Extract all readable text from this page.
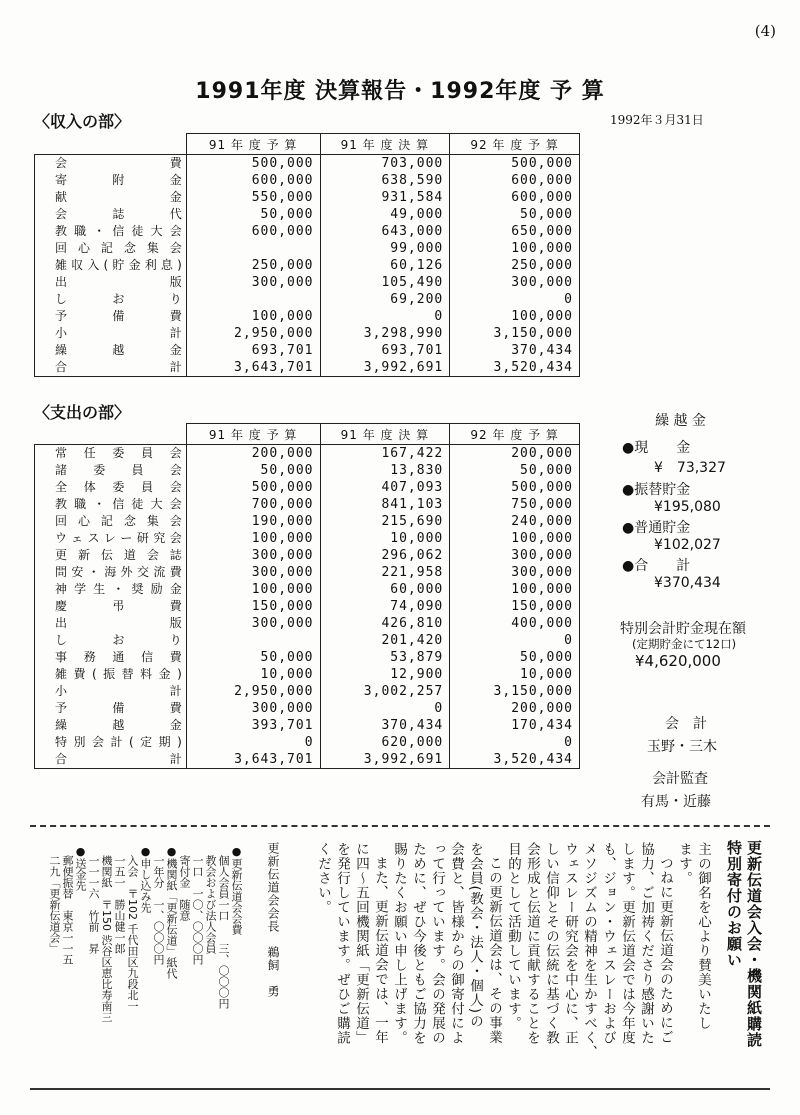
(4)
1991年度 決算報告・1992年度 予 算
〈収入の部〉	1992年３月31日
	91 年 度 予 算	91 年 度 決 算	92 年 度 予 算
会費	500,000	703,000	500,000
寄附金	600,000	638,590	600,000
献金	550,000	931,584	600,000
会誌代	50,000	49,000	50,000
教職・信徒大会	600,000	643,000	650,000
回心記念集会		99,000	100,000
雑収入(貯金利息)	250,000	60,126	250,000
出版	300,000	105,490	300,000
しおり		69,200	0
予備費	100,000	0	100,000
小計	2,950,000	3,298,990	3,150,000
繰越金	693,701	693,701	370,434
合計	3,643,701	3,992,691	3,520,434
〈支出の部〉
	91 年 度 予 算	91 年 度 決 算	92 年 度 予 算
常任委員会	200,000	167,422	200,000
諸委員会	50,000	13,830	50,000
全体委員会	500,000	407,093	500,000
教職・信徒大会	700,000	841,103	750,000
回心記念集会	190,000	215,690	240,000
ウェスレー研究会	100,000	10,000	100,000
更新伝道会誌	300,000	296,062	300,000
問安・海外交流費	300,000	221,958	300,000
神学生・奨励金	100,000	60,000	100,000
慶弔費	150,000	74,090	150,000
出版	300,000	426,810	400,000
しおり		201,420	0
事務通信費	50,000	53,879	50,000
雑費(振替料金)	10,000	12,900	10,000
小計	2,950,000	3,002,257	3,150,000
予備費	300,000	0	200,000
繰越金	393,701	370,434	170,434
特別会計(定期)	0	620,000	0
合計	3,643,701	3,992,691	3,520,434
繰 越 金
●現　　金
¥　73,327
●振替貯金
¥195,080
●普通貯金
¥102,027
●合　　計
¥370,434
特別会計貯金現在額
(定期貯金にて12口)
¥4,620,000
会　計
玉野・三木
会計監査
有馬・近藤
更新伝道会入会・機関紙購読
特別寄付のお願い
主の御名を心より賛美いたし
ます。
つねに更新伝道会のためにご
協力、ご加祷くださり感謝いた
します。更新伝道会では今年度
も、ジョン・ウェスレーおよび
メソジズムの精神を生かすべく、
ウェスレー研究会を中心に、正
しい信仰とその伝統に基づく教
会形成と伝道に貢献することを
目的として活動しています。
この更新伝道会は、その事業
を会員(教会・法人・個人)の
会費と、皆様からの御寄付によ
って行っています。会の発展の
ために、ぜひ今後ともご協力を
賜りたくお願い申し上げます。
また、更新伝道会では、一年
に四〜五回機関紙「更新伝道」
を発行しています。ぜひご購読
ください。
更新伝道会会長　鵜飼　勇
●更新伝道会会費
個人会員一口　　三、〇〇〇円
教会および法人会員
一口　一〇、〇〇〇円
寄付金　随意
●機関紙「更新伝道」紙代
一年分　一、〇〇〇円
●申し込み先
入会　〒102 千代田区九段北一
一五一　勝山健一郎
機関紙　〒150 渋谷区恵比寿南三
一一一六　竹前　昇
●送金先
郵便振替　東京一一五
二九「更新伝道会」
